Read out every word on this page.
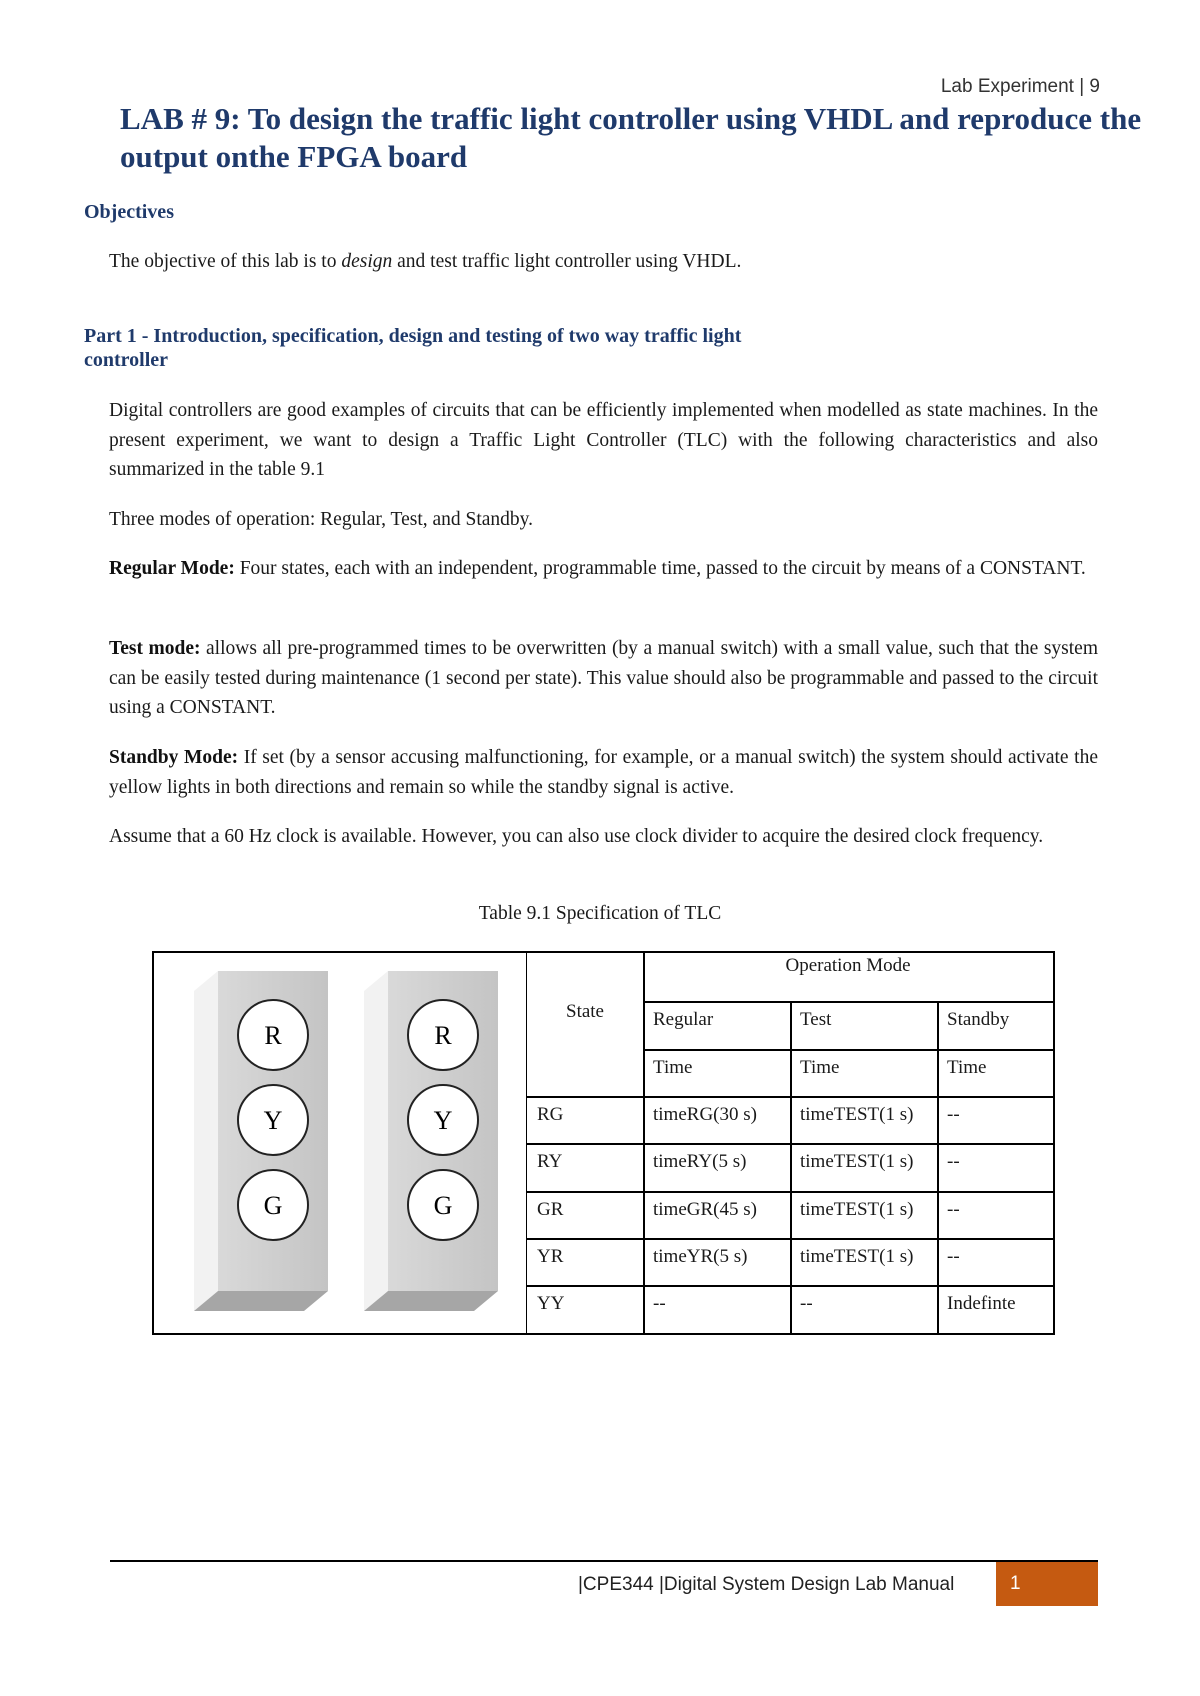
Lab Experiment | 9
LAB # 9: To design the traffic light controller using VHDL and reproduce the output onthe FPGA board
Objectives

The objective of this lab is to design and test traffic light controller using VHDL.

Part 1 - Introduction, specification, design and testing of two way traffic light
controller

Digital controllers are good examples of circuits that can be efficiently implemented when modelled as state machines. In the present experiment, we want to design a Traffic Light Controller (TLC) with the following characteristics and also summarized in the table 9.1

Three modes of operation: Regular, Test, and Standby.

Regular Mode: Four states, each with an independent, programmable time, passed to the circuit by means of a CONSTANT.

Test mode: allows all pre-programmed times to be overwritten (by a manual switch) with a small value, such that the system can be easily tested during maintenance (1 second per state). This value should also be programmable and passed to the circuit using a CONSTANT.

Standby Mode: If set (by a sensor accusing malfunctioning, for example, or a manual switch) the system should activate the yellow lights in both directions and remain so while the standby signal is active.

Assume that a 60 Hz clock is available. However, you can also use clock divider to acquire the desired clock frequency.

Table 9.1 Specification of TLC
R
Y
G
R
Y
G
State
Operation Mode
Regular	Test	Standby
Time	Time	Time
RG	timeRG(30 s)	timeTEST(1 s)	--
RY	timeRY(5 s)	timeTEST(1 s)	--
GR	timeGR(45 s)	timeTEST(1 s)	--
YR	timeYR(5 s)	timeTEST(1 s)	--
YY	--	--	Indefinte
|CPE344 |Digital System Design Lab Manual	1
